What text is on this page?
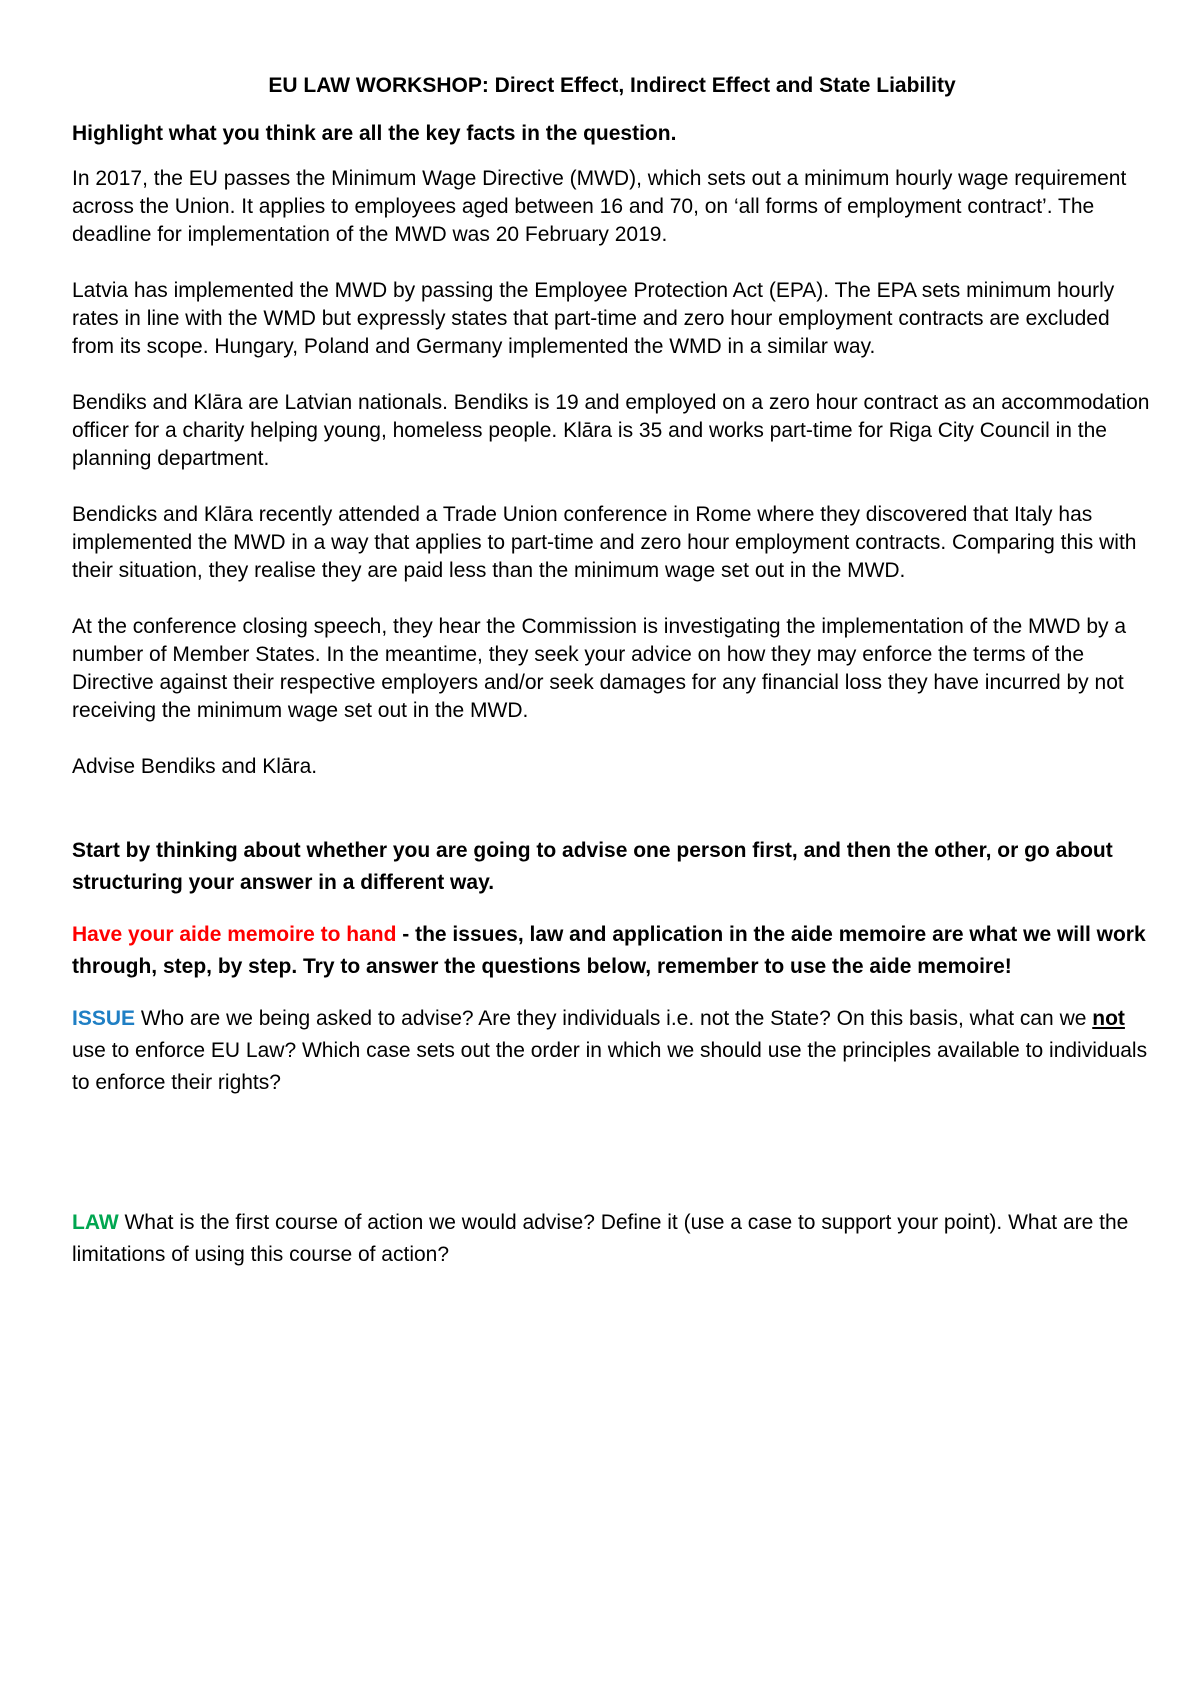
EU LAW WORKSHOP: Direct Effect, Indirect Effect and State Liability
Highlight what you think are all the key facts in the question.
In 2017, the EU passes the Minimum Wage Directive (MWD), which sets out a minimum hourly wage requirement across the Union. It applies to employees aged between 16 and 70, on ‘all forms of employment contract’. The deadline for implementation of the MWD was 20 February 2019.
Latvia has implemented the MWD by passing the Employee Protection Act (EPA). The EPA sets minimum hourly rates in line with the WMD but expressly states that part-time and zero hour employment contracts are excluded from its scope. Hungary, Poland and Germany implemented the WMD in a similar way.
Bendiks and Klāra are Latvian nationals. Bendiks is 19 and employed on a zero hour contract as an accommodation officer for a charity helping young, homeless people. Klāra is 35 and works part-time for Riga City Council in the planning department.
Bendicks and Klāra recently attended a Trade Union conference in Rome where they discovered that Italy has implemented the MWD in a way that applies to part-time and zero hour employment contracts. Comparing this with their situation, they realise they are paid less than the minimum wage set out in the MWD.
At the conference closing speech, they hear the Commission is investigating the implementation of the MWD by a number of Member States. In the meantime, they seek your advice on how they may enforce the terms of the Directive against their respective employers and/or seek damages for any financial loss they have incurred by not receiving the minimum wage set out in the MWD.
Advise Bendiks and Klāra.
Start by thinking about whether you are going to advise one person first, and then the other, or go about structuring your answer in a different way.
Have your aide memoire to hand - the issues, law and application in the aide memoire are what we will work through, step, by step. Try to answer the questions below, remember to use the aide memoire!
ISSUE Who are we being asked to advise? Are they individuals i.e. not the State? On this basis, what can we not use to enforce EU Law? Which case sets out the order in which we should use the principles available to individuals to enforce their rights?
LAW What is the first course of action we would advise? Define it (use a case to support your point). What are the limitations of using this course of action?
